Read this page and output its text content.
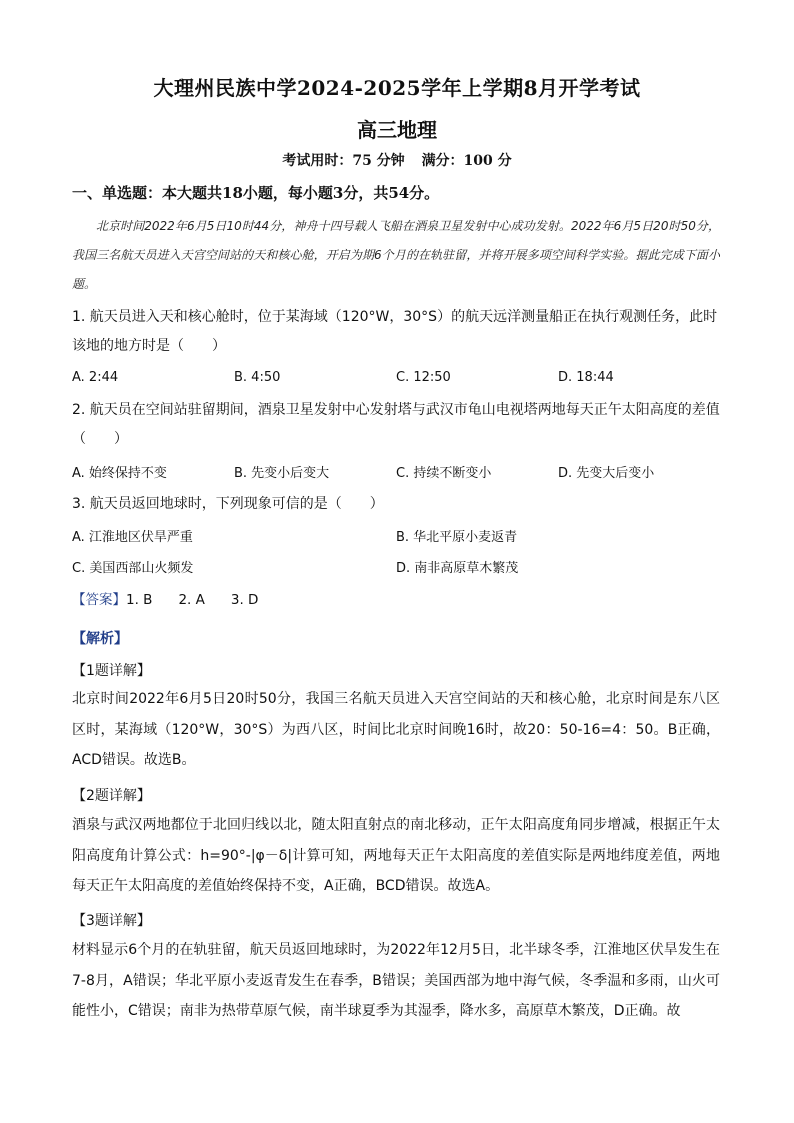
大理州民族中学2024-2025学年上学期8月开学考试
高三地理
考试用时：75 分钟 满分：100 分
一、单选题：本大题共18小题，每小题3分，共54分。
北京时间2022年6月5日10时44分，神舟十四号载人飞船在酒泉卫星发射中心成功发射。2022年6月5日20时50分，我国三名航天员进入天宫空间站的天和核心舱，开启为期6个月的在轨驻留，并将开展多项空间科学实验。据此完成下面小题。
1. 航天员进入天和核心舱时，位于某海域（120°W，30°S）的航天远洋测量船正在执行观测任务，此时该地的地方时是（　　）
A. 2:44	B. 4:50	C. 12:50	D. 18:44
2. 航天员在空间站驻留期间，酒泉卫星发射中心发射塔与武汉市龟山电视塔两地每天正午太阳高度的差值（　　）
A. 始终保持不变	B. 先变小后变大	C. 持续不断变小	D. 先变大后变小
3. 航天员返回地球时，下列现象可信的是（　　）
A. 江淮地区伏旱严重	B. 华北平原小麦返青
C. 美国西部山火频发	D. 南非高原草木繁茂
【答案】1. B 2. A 3. D
【解析】
【1题详解】
北京时间2022年6月5日20时50分，我国三名航天员进入天宫空间站的天和核心舱，北京时间是东八区区时，某海域（120°W，30°S）为西八区，时间比北京时间晚16时，故20：50-16=4：50。B正确，ACD错误。故选B。
【2题详解】
酒泉与武汉两地都位于北回归线以北，随太阳直射点的南北移动，正午太阳高度角同步增减，根据正午太阳高度角计算公式：h=90°-|φ－δ|计算可知，两地每天正午太阳高度的差值实际是两地纬度差值，两地每天正午太阳高度的差值始终保持不变，A正确，BCD错误。故选A。
【3题详解】
材料显示6个月的在轨驻留，航天员返回地球时，为2022年12月5日，北半球冬季，江淮地区伏旱发生在7-8月，A错误；华北平原小麦返青发生在春季，B错误；美国西部为地中海气候，冬季温和多雨，山火可能性小，C错误；南非为热带草原气候，南半球夏季为其湿季，降水多，高原草木繁茂，D正确。故
